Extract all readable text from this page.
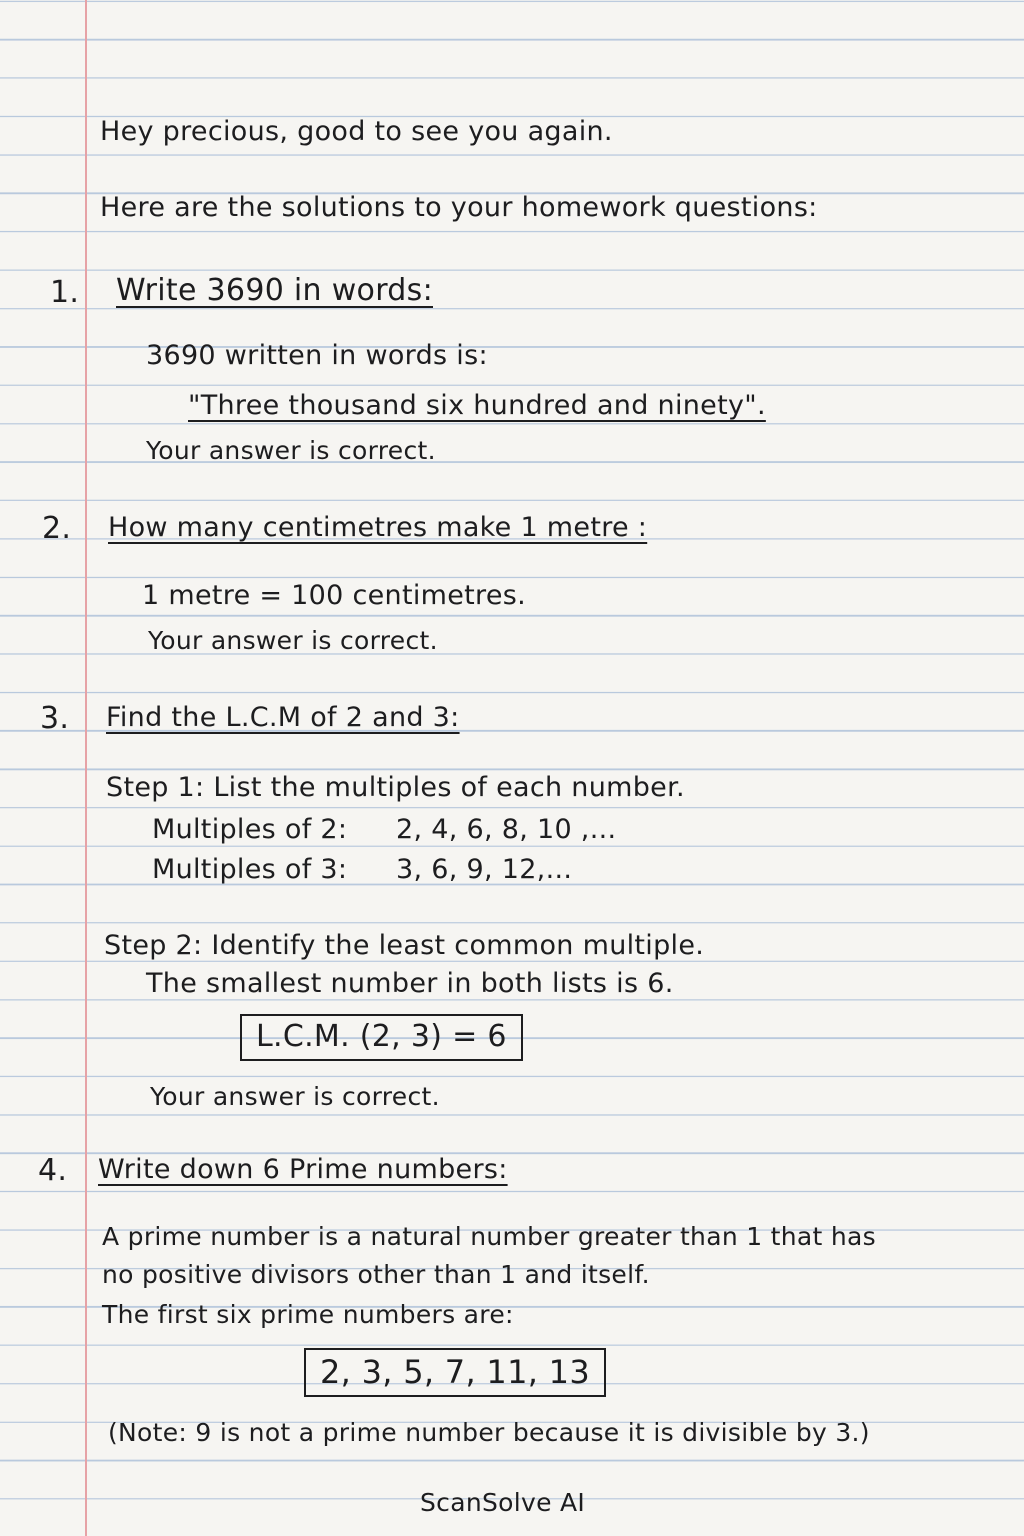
Hey precious, good to see you again.
Here are the solutions to your homework questions:
1. Write 3690 in words:
3690 written in words is:
"Three thousand six hundred and ninety".
Your answer is correct.
2. How many centimetres make 1 metre :
1 metre = 100 centimetres.
Your answer is correct.
3. Find the L.C.M of 2 and 3:
Step 1: List the multiples of each number.
Multiples of 2: 2, 4, 6, 8, 10 ,...
Multiples of 3: 3, 6, 9, 12,...
Step 2: Identify the least common multiple.
The smallest number in both lists is 6.
L.C.M. (2, 3) = 6
Your answer is correct.
4. Write down 6 Prime numbers:
A prime number is a natural number greater than 1 that has
no positive divisors other than 1 and itself.
The first six prime numbers are:
2, 3, 5, 7, 11, 13
(Note: 9 is not a prime number because it is divisible by 3.)
ScanSolve AI
